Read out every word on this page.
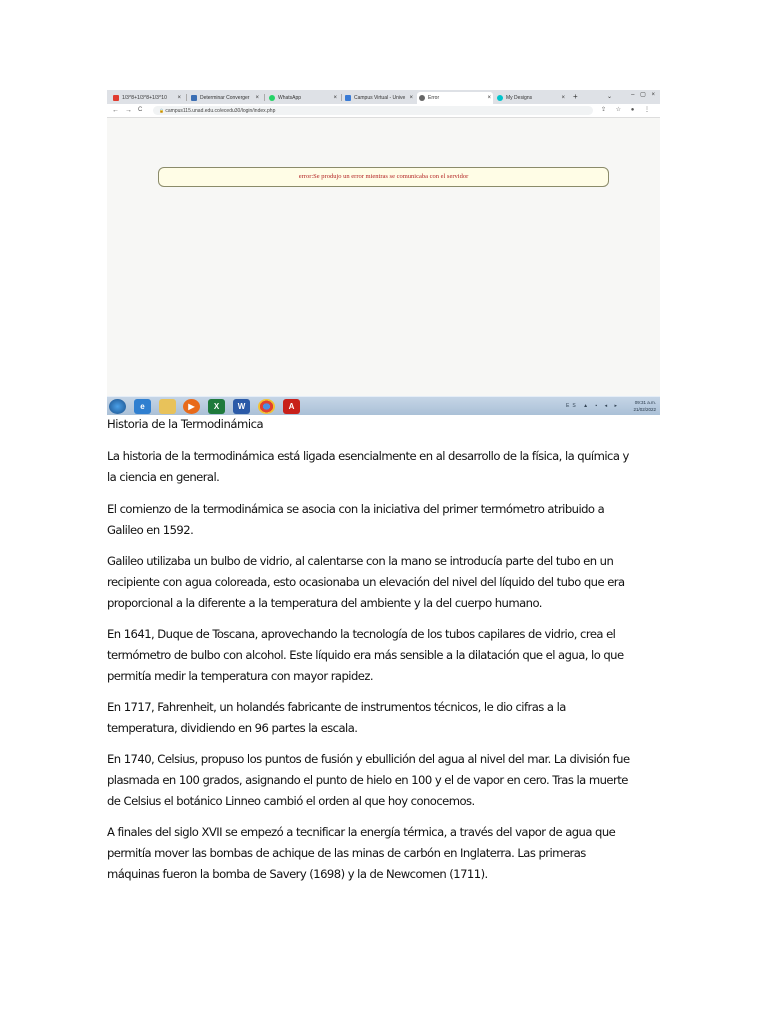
1/3^8+1/3^8+1/3^10 ×	Determinar Converger ×	WhatsApp	×	Campus Virtual - Unive ×	Error	×	My Designs	× +	⌄	– ▢ ×
← → C	🔒 campus115.unad.edu.co/ecedu30/login/index.php	⇪ ☆ ● ⋮
error:Se produjo un error mientras se comunicaba con el servidor
e	▶	X	W	A	ES ▲ ▪ ◂ ▸
09:31 a.m.
21/02/2022

Historia de la Termodinámica

La historia de la termodinámica está ligada esencialmente en al desarrollo de la física, la química y
la ciencia en general.

El comienzo de la termodinámica se asocia con la iniciativa del primer termómetro atribuido a
Galileo en 1592.

Galileo utilizaba un bulbo de vidrio, al calentarse con la mano se introducía parte del tubo en un
recipiente con agua coloreada, esto ocasionaba un elevación del nivel del líquido del tubo que era
proporcional a la diferente a la temperatura del ambiente y la del cuerpo humano.

En 1641, Duque de Toscana, aprovechando la tecnología de los tubos capilares de vidrio, crea el
termómetro de bulbo con alcohol. Este líquido era más sensible a la dilatación que el agua, lo que
permitía medir la temperatura con mayor rapidez.

En 1717, Fahrenheit, un holandés fabricante de instrumentos técnicos, le dio cifras a la
temperatura, dividiendo en 96 partes la escala.

En 1740, Celsius, propuso los puntos de fusión y ebullición del agua al nivel del mar. La división fue
plasmada en 100 grados, asignando el punto de hielo en 100 y el de vapor en cero. Tras la muerte
de Celsius el botánico Linneo cambió el orden al que hoy conocemos.

A finales del siglo XVII se empezó a tecnificar la energía térmica, a través del vapor de agua que
permitía mover las bombas de achique de las minas de carbón en Inglaterra. Las primeras
máquinas fueron la bomba de Savery (1698) y la de Newcomen (1711).
